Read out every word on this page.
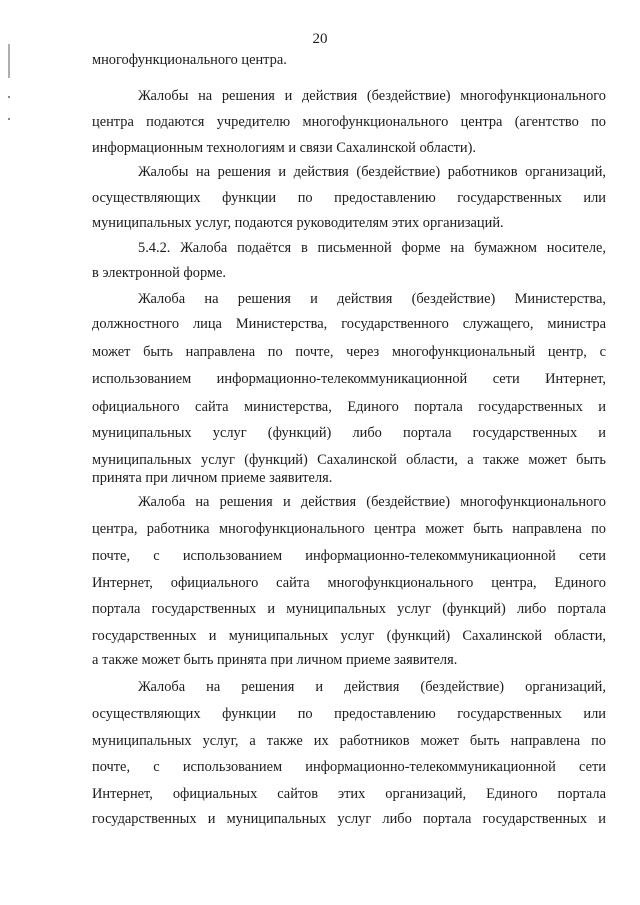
20
многофункционального центра.
Жалобы на решения и действия (бездействие) многофункционального
центра подаются учредителю многофункционального центра (агентство по
информационным технологиям и связи Сахалинской области).
Жалобы на решения и действия (бездействие) работников организаций,
осуществляющих функции по предоставлению государственных или
муниципальных услуг, подаются руководителям этих организаций.
5.4.2. Жалоба подаётся в письменной форме на бумажном носителе,
в электронной форме.
Жалоба на решения и действия (бездействие) Министерства,
должностного лица Министерства, государственного служащего, министра
может быть направлена по почте, через многофункциональный центр, с
использованием информационно-телекоммуникационной сети Интернет,
официального сайта министерства, Единого портала государственных и
муниципальных услуг (функций) либо портала государственных и
муниципальных услуг (функций) Сахалинской области, а также может быть
принята при личном приеме заявителя.
Жалоба на решения и действия (бездействие) многофункционального
центра, работника многофункционального центра может быть направлена по
почте, с использованием информационно-телекоммуникационной сети
Интернет, официального сайта многофункционального центра, Единого
портала государственных и муниципальных услуг (функций) либо портала
государственных и муниципальных услуг (функций) Сахалинской области,
а также может быть принята при личном приеме заявителя.
Жалоба на решения и действия (бездействие) организаций,
осуществляющих функции по предоставлению государственных или
муниципальных услуг, а также их работников может быть направлена по
почте, с использованием информационно-телекоммуникационной сети
Интернет, официальных сайтов этих организаций, Единого портала
государственных и муниципальных услуг либо портала государственных и
